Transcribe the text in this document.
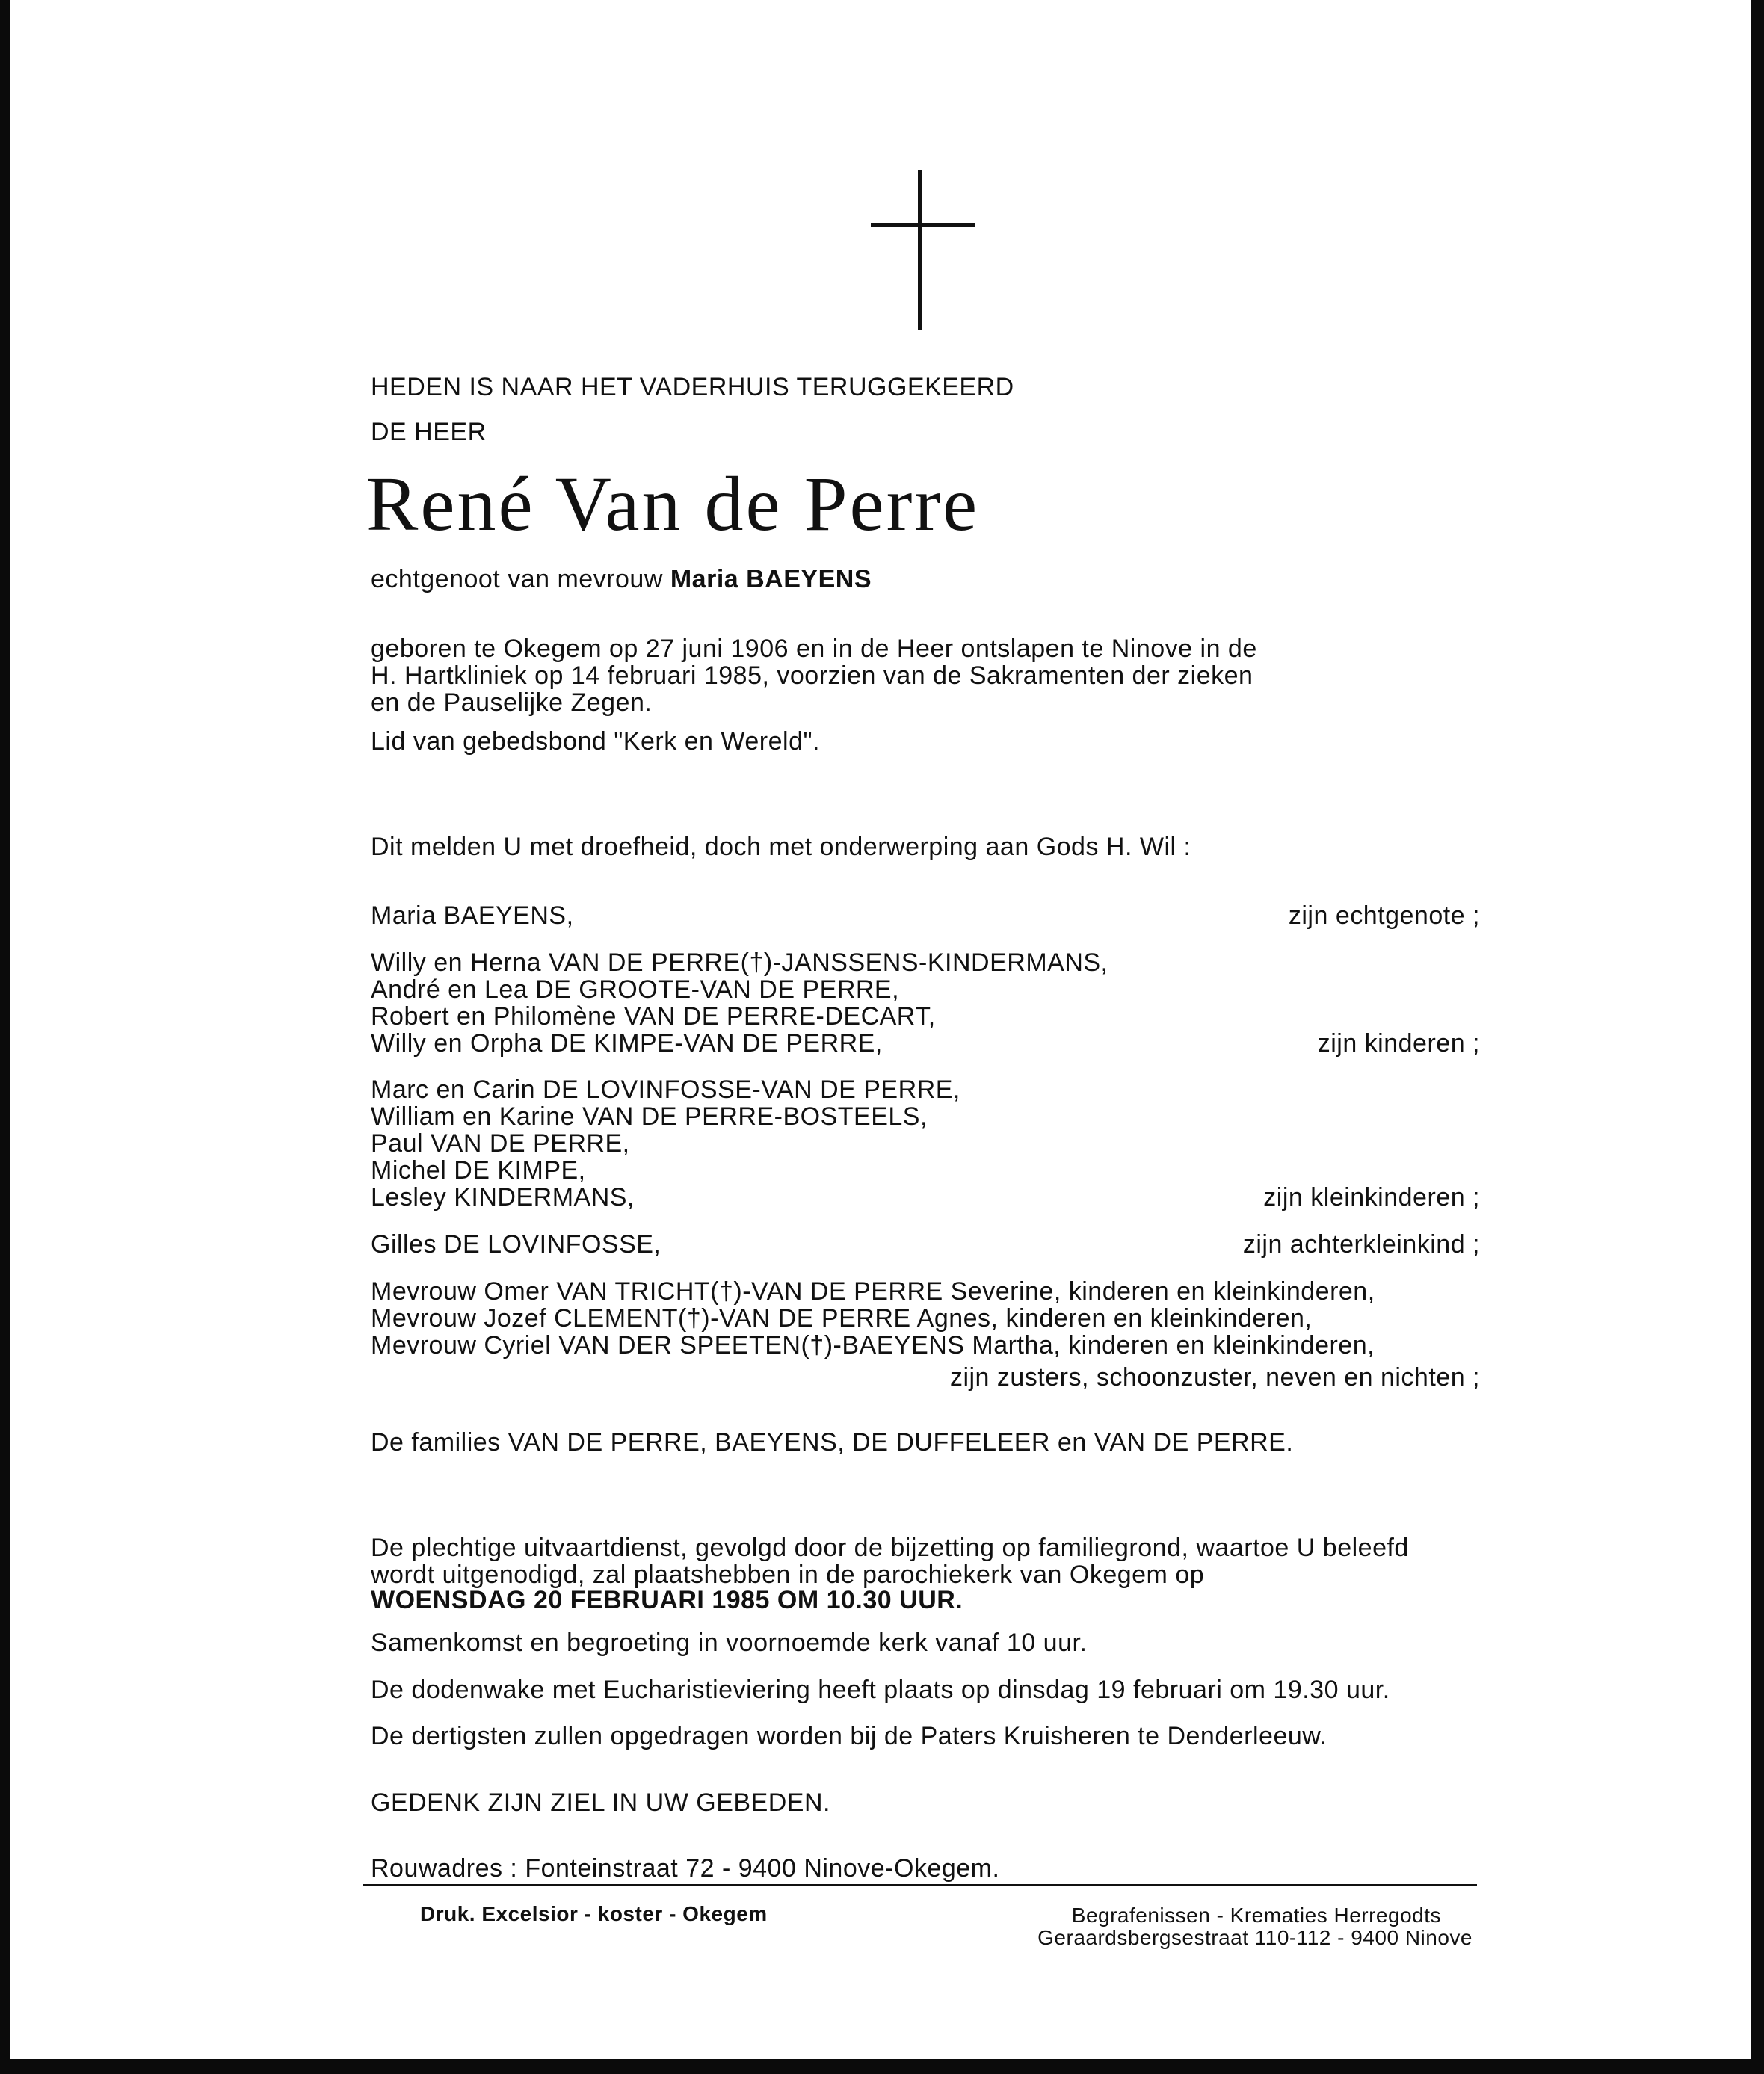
HEDEN IS NAAR HET VADERHUIS TERUGGEKEERD
DE HEER
René Van de Perre
echtgenoot van mevrouw Maria BAEYENS
geboren te Okegem op 27 juni 1906 en in de Heer ontslapen te Ninove in de
H. Hartkliniek op 14 februari 1985, voorzien van de Sakramenten der zieken
en de Pauselijke Zegen.
Lid van gebedsbond "Kerk en Wereld".
Dit melden U met droefheid, doch met onderwerping aan Gods H. Wil :
Maria BAEYENS,	zijn echtgenote ;
Willy en Herna VAN DE PERRE(†)-JANSSENS-KINDERMANS,
André en Lea DE GROOTE-VAN DE PERRE,
Robert en Philomène VAN DE PERRE-DECART,
Willy en Orpha DE KIMPE-VAN DE PERRE,	zijn kinderen ;
Marc en Carin DE LOVINFOSSE-VAN DE PERRE,
William en Karine VAN DE PERRE-BOSTEELS,
Paul VAN DE PERRE,
Michel DE KIMPE,
Lesley KINDERMANS,	zijn kleinkinderen ;
Gilles DE LOVINFOSSE,	zijn achterkleinkind ;
Mevrouw Omer VAN TRICHT(†)-VAN DE PERRE Severine, kinderen en kleinkinderen,
Mevrouw Jozef CLEMENT(†)-VAN DE PERRE Agnes, kinderen en kleinkinderen,
Mevrouw Cyriel VAN DER SPEETEN(†)-BAEYENS Martha, kinderen en kleinkinderen,
zijn zusters, schoonzuster, neven en nichten ;
De families VAN DE PERRE, BAEYENS, DE DUFFELEER en VAN DE PERRE.
De plechtige uitvaartdienst, gevolgd door de bijzetting op familiegrond, waartoe U beleefd
wordt uitgenodigd, zal plaatshebben in de parochiekerk van Okegem op
WOENSDAG 20 FEBRUARI 1985 OM 10.30 UUR.
Samenkomst en begroeting in voornoemde kerk vanaf 10 uur.
De dodenwake met Eucharistieviering heeft plaats op dinsdag 19 februari om 19.30 uur.
De dertigsten zullen opgedragen worden bij de Paters Kruisheren te Denderleeuw.
GEDENK ZIJN ZIEL IN UW GEBEDEN.
Rouwadres : Fonteinstraat 72 - 9400 Ninove-Okegem.
Druk. Excelsior - koster - Okegem	Begrafenissen - Krematies Herregodts
Geraardsbergsestraat 110-112 - 9400 Ninove
